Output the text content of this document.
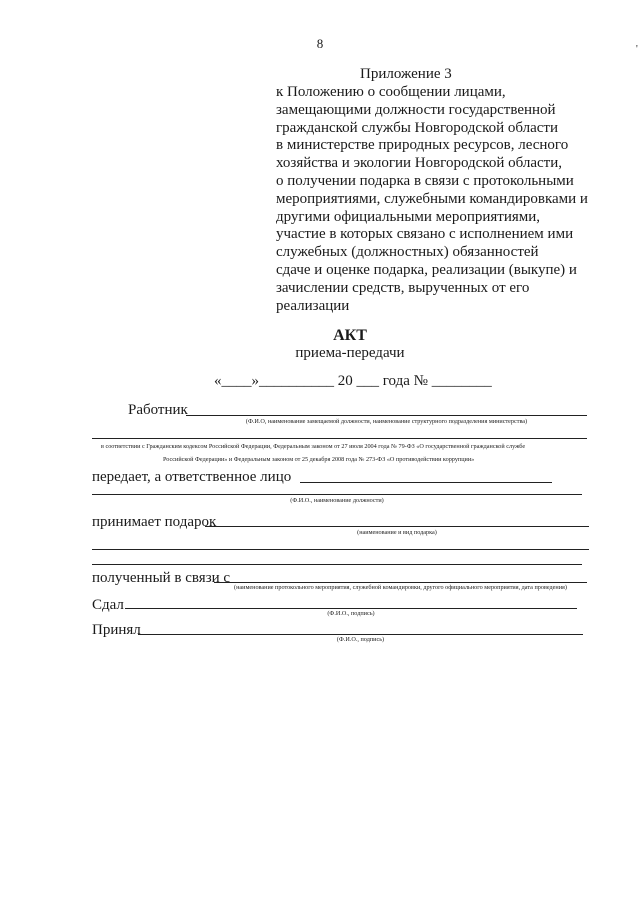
8	'
Приложение 3
к Положению о сообщении лицами,
замещающими должности государственной
гражданской службы Новгородской области
в министерстве природных ресурсов, лесного
хозяйства и экологии Новгородской области,
о получении подарка в связи с протокольными
мероприятиями, служебными командировками и
другими официальными мероприятиями,
участие в которых связано с исполнением ими
служебных (должностных) обязанностей
сдаче и оценке подарка, реализации (выкупе) и
зачислении средств, вырученных от его
реализации
АКТ
приема-передачи
«____»__________ 20 ___ года № ________
Работник
(Ф.И.О, наименование замещаемой должности, наименование структурного подразделения министерства)
в соответствии с Гражданским кодексом Российской Федерации, Федеральным законом от 27 июля 2004 года № 79-ФЗ «О государственной гражданской службе
Российской Федерации» и Федеральным законом от 25 декабря 2008 года № 273-ФЗ «О противодействии коррупции»
передает, а ответственное лицо
(Ф.И.О., наименование должности)
принимает подарок
(наименование и вид подарка)
полученный в связи с
(наименование протокольного мероприятия, служебной командировки, другого официального мероприятия, дата проведения)
Сдал
(Ф.И.О., подпись)
Принял
(Ф.И.О., подпись)
